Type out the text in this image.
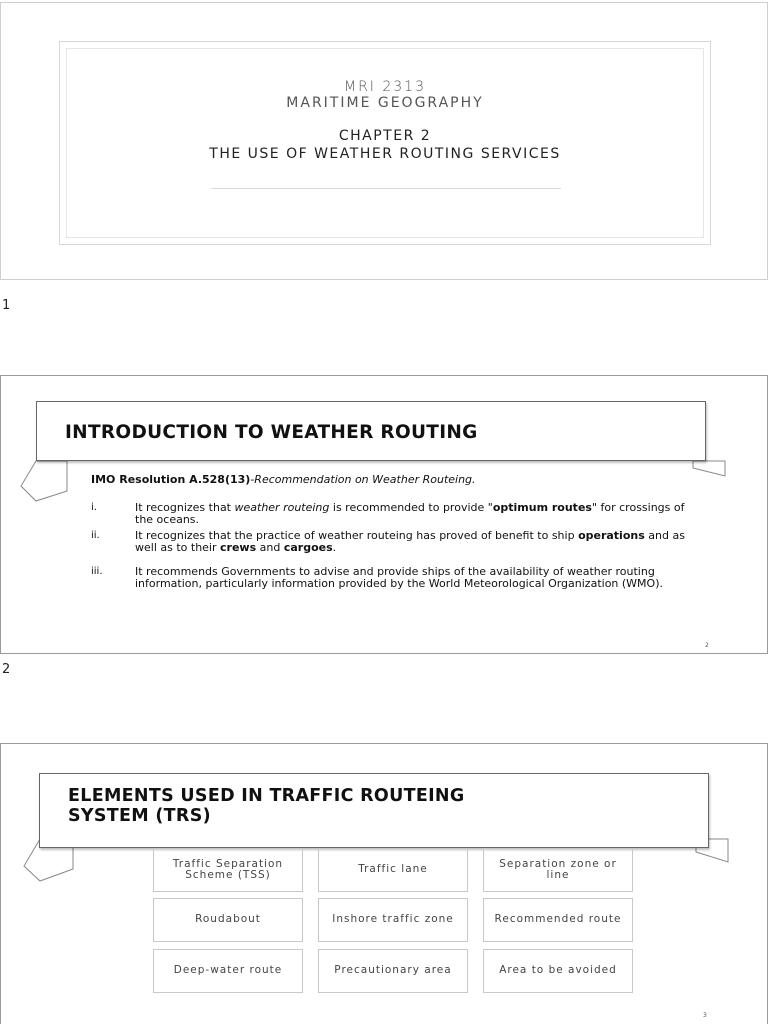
MRI 2313
MARITIME GEOGRAPHY
CHAPTER 2
THE USE OF WEATHER ROUTING SERVICES
1
INTRODUCTION TO WEATHER ROUTING
IMO Resolution A.528(13)-Recommendation on Weather Routeing.
i.	It recognizes that weather routeing is recommended to provide "optimum routes" for crossings of the oceans.
ii.	It recognizes that the practice of weather routeing has proved of benefit to ship operations and as well as to their crews and cargoes.
iii.	It recommends Governments to advise and provide ships of the availability of weather routing information, particularly information provided by the World Meteorological Organization (WMO).
2
2
ELEMENTS USED IN TRAFFIC ROUTEING
SYSTEM (TRS)
Traffic Separation Scheme (TSS)	Traffic lane	Separation zone or line
Roudabout	Inshore traffic zone	Recommended route
Deep-water route	Precautionary area	Area to be avoided
3
